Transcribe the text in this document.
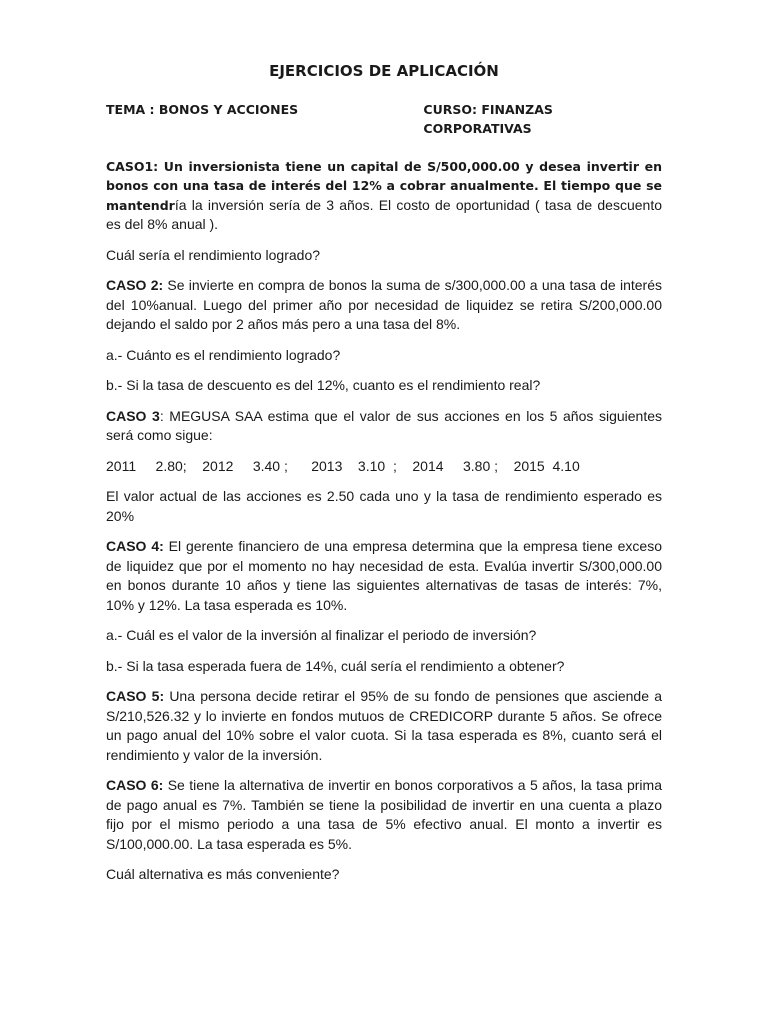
EJERCICIOS DE APLICACIÓN
TEMA : BONOS Y ACCIONES	CURSO: FINANZAS CORPORATIVAS

CASO1: Un inversionista tiene un capital de S/500,000.00 y desea invertir en bonos con una tasa de interés del 12% a cobrar anualmente. El tiempo que se mantendría la inversión sería de 3 años. El costo de oportunidad ( tasa de descuento es del 8% anual ).

Cuál sería el rendimiento logrado?

CASO 2: Se invierte en compra de bonos la suma de s/300,000.00 a una tasa de interés del 10%anual. Luego del primer año por necesidad de liquidez se retira S/200,000.00 dejando el saldo por 2 años más pero a una tasa del 8%.

a.- Cuánto es el rendimiento logrado?

b.- Si la tasa de descuento es del 12%, cuanto es el rendimiento real?

CASO 3: MEGUSA SAA estima que el valor de sus acciones en los 5 años siguientes será como sigue:

2011     2.80;    2012     3.40 ;      2013    3.10  ;    2014     3.80 ;    2015  4.10

El valor actual de las acciones es 2.50 cada uno y la tasa de rendimiento esperado es 20%

CASO 4: El gerente financiero de una empresa determina que la empresa tiene exceso de liquidez que por el momento no hay necesidad de esta. Evalúa invertir S/300,000.00 en bonos durante 10 años y tiene las siguientes alternativas de tasas de interés: 7%, 10% y 12%. La tasa esperada es 10%.

a.- Cuál es el valor de la inversión al finalizar el periodo de inversión?

b.- Si la tasa esperada fuera de 14%, cuál sería el rendimiento a obtener?

CASO 5: Una persona decide retirar el 95% de su fondo de pensiones que asciende a S/210,526.32 y lo invierte en fondos mutuos de CREDICORP durante 5 años. Se ofrece un pago anual del 10% sobre el valor cuota. Si la tasa esperada es 8%, cuanto será el rendimiento y valor de la inversión.

CASO 6: Se tiene la alternativa de invertir en bonos corporativos a 5 años, la tasa prima de pago anual es 7%. También se tiene la posibilidad de invertir en una cuenta a plazo fijo por el mismo periodo a una tasa de 5% efectivo anual. El monto a invertir es S/100,000.00. La tasa esperada es 5%.

Cuál alternativa es más conveniente?
